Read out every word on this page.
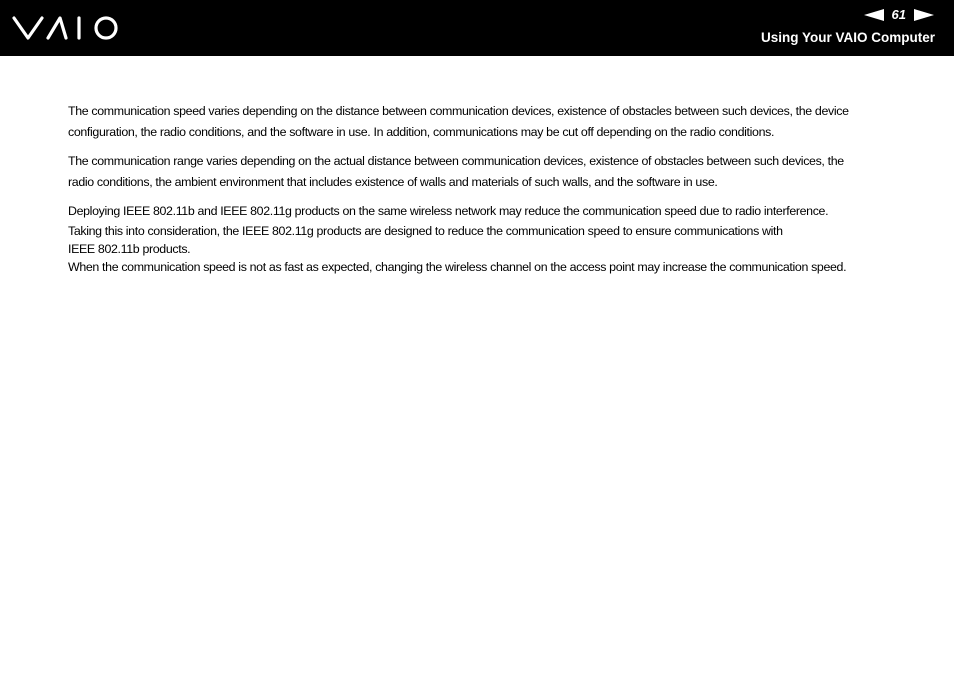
61
Using Your VAIO Computer

The communication speed varies depending on the distance between communication devices, existence of obstacles between such devices, the device
configuration, the radio conditions, and the software in use. In addition, communications may be cut off depending on the radio conditions.

The communication range varies depending on the actual distance between communication devices, existence of obstacles between such devices, the
radio conditions, the ambient environment that includes existence of walls and materials of such walls, and the software in use.

Deploying IEEE 802.11b and IEEE 802.11g products on the same wireless network may reduce the communication speed due to radio interference.
Taking this into consideration, the IEEE 802.11g products are designed to reduce the communication speed to ensure communications with
IEEE 802.11b products.
When the communication speed is not as fast as expected, changing the wireless channel on the access point may increase the communication speed.
